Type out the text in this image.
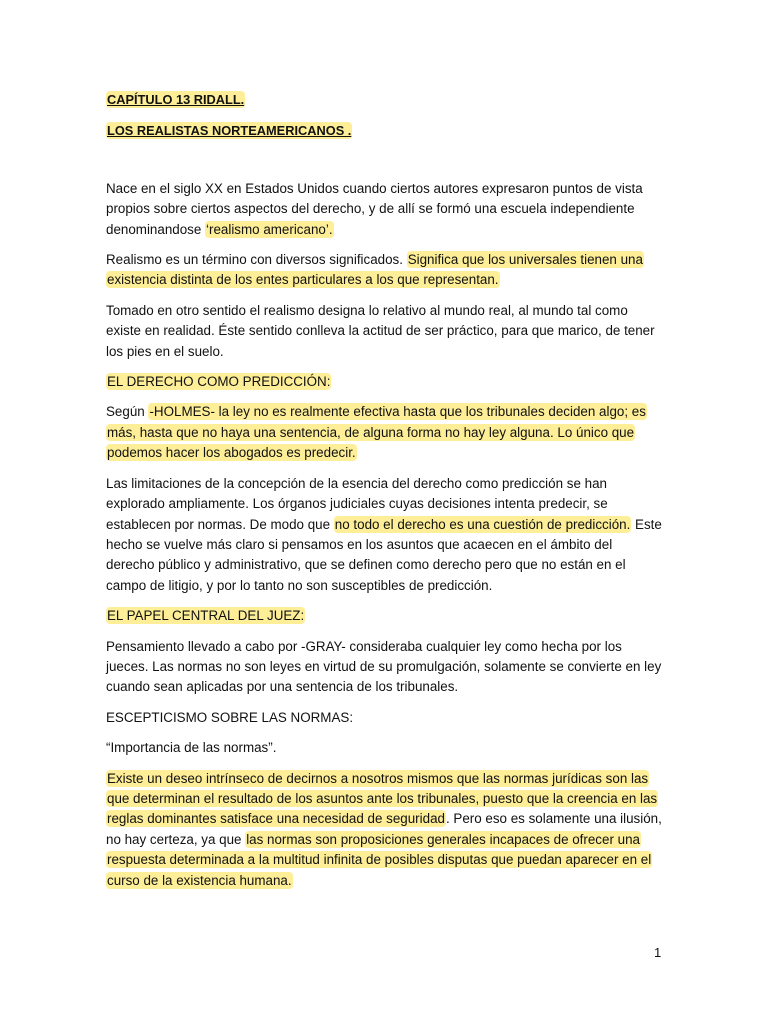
CAPÍTULO 13 RIDALL.

LOS REALISTAS NORTEAMERICANOS .

Nace en el siglo XX en Estados Unidos cuando ciertos autores expresaron puntos de vista propios sobre ciertos aspectos del derecho, y de allí se formó una escuela independiente denominandose ‘realismo americano’.

Realismo es un término con diversos significados. Significa que los universales tienen una existencia distinta de los entes particulares a los que representan.

Tomado en otro sentido el realismo designa lo relativo al mundo real, al mundo tal como existe en realidad. Éste sentido conlleva la actitud de ser práctico, para que marico, de tener los pies en el suelo.

EL DERECHO COMO PREDICCIÓN:

Según -HOLMES- la ley no es realmente efectiva hasta que los tribunales deciden algo; es más, hasta que no haya una sentencia, de alguna forma no hay ley alguna. Lo único que podemos hacer los abogados es predecir.

Las limitaciones de la concepción de la esencia del derecho como predicción se han explorado ampliamente. Los órganos judiciales cuyas decisiones intenta predecir, se establecen por normas. De modo que no todo el derecho es una cuestión de predicción. Este hecho se vuelve más claro si pensamos en los asuntos que acaecen en el ámbito del derecho público y administrativo, que se definen como derecho pero que no están en el campo de litigio, y por lo tanto no son susceptibles de predicción.

EL PAPEL CENTRAL DEL JUEZ:

Pensamiento llevado a cabo por -GRAY- consideraba cualquier ley como hecha por los jueces. Las normas no son leyes en virtud de su promulgación, solamente se convierte en ley cuando sean aplicadas por una sentencia de los tribunales.

ESCEPTICISMO SOBRE LAS NORMAS:

“Importancia de las normas”.

Existe un deseo intrínseco de decirnos a nosotros mismos que las normas jurídicas son las que determinan el resultado de los asuntos ante los tribunales, puesto que la creencia en las reglas dominantes satisface una necesidad de seguridad. Pero eso es solamente una ilusión, no hay certeza, ya que las normas son proposiciones generales incapaces de ofrecer una respuesta determinada a la multitud infinita de posibles disputas que puedan aparecer en el curso de la existencia humana.

1
